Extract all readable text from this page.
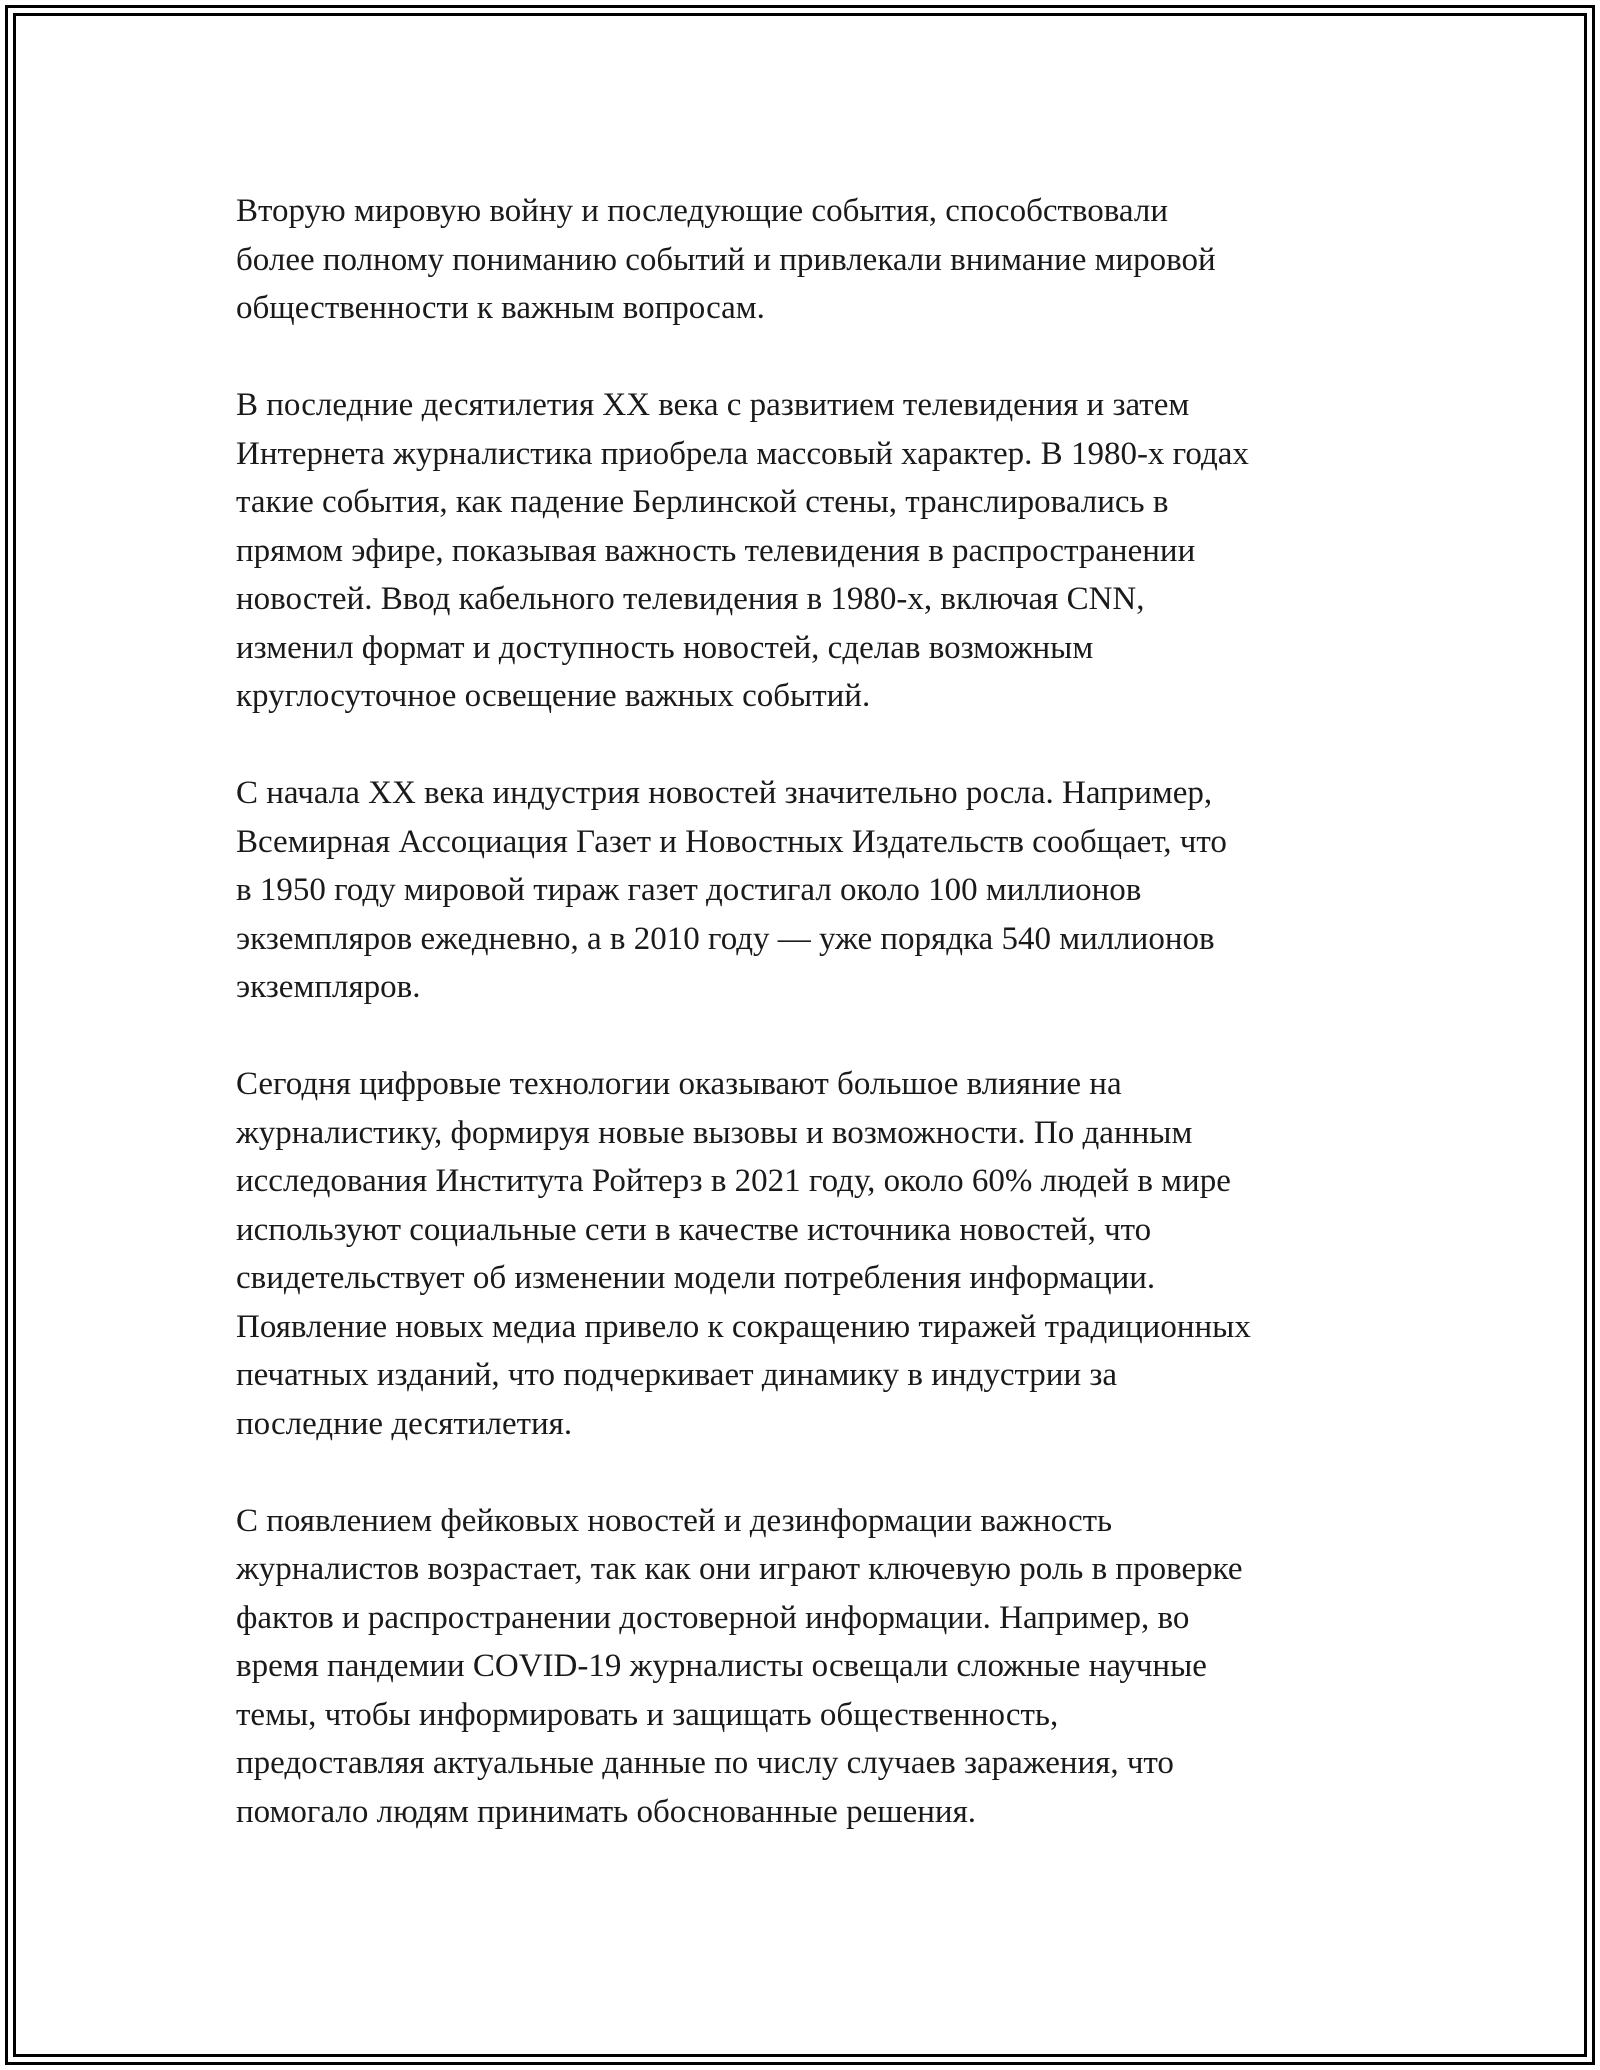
Вторую мировую войну и последующие события, способствовали
более полному пониманию событий и привлекали внимание мировой
общественности к важным вопросам.

В последние десятилетия XX века с развитием телевидения и затем
Интернета журналистика приобрела массовый характер. В 1980-х годах
такие события, как падение Берлинской стены, транслировались в
прямом эфире, показывая важность телевидения в распространении
новостей. Ввод кабельного телевидения в 1980-х, включая CNN,
изменил формат и доступность новостей, сделав возможным
круглосуточное освещение важных событий.

С начала XX века индустрия новостей значительно росла. Например,
Всемирная Ассоциация Газет и Новостных Издательств сообщает, что
в 1950 году мировой тираж газет достигал около 100 миллионов
экземпляров ежедневно, а в 2010 году — уже порядка 540 миллионов
экземпляров.

Сегодня цифровые технологии оказывают большое влияние на
журналистику, формируя новые вызовы и возможности. По данным
исследования Института Ройтерз в 2021 году, около 60% людей в мире
используют социальные сети в качестве источника новостей, что
свидетельствует об изменении модели потребления информации.
Появление новых медиа привело к сокращению тиражей традиционных
печатных изданий, что подчеркивает динамику в индустрии за
последние десятилетия.

С появлением фейковых новостей и дезинформации важность
журналистов возрастает, так как они играют ключевую роль в проверке
фактов и распространении достоверной информации. Например, во
время пандемии COVID-19 журналисты освещали сложные научные
темы, чтобы информировать и защищать общественность,
предоставляя актуальные данные по числу случаев заражения, что
помогало людям принимать обоснованные решения.
